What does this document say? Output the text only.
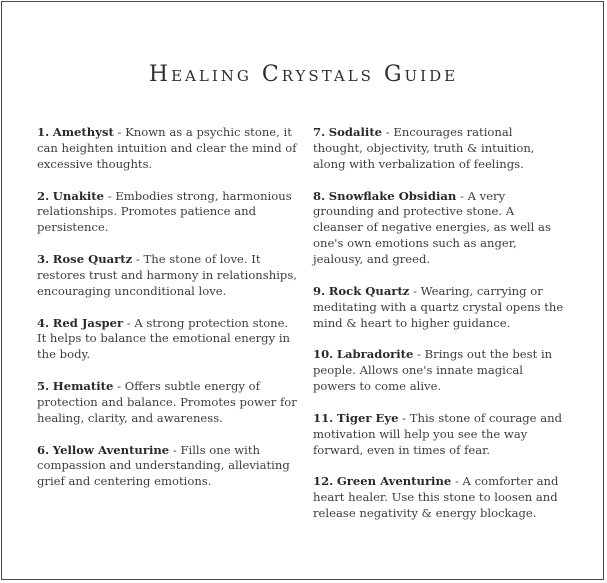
Healing Crystals Guide

1. Amethyst - Known as a psychic stone, it can heighten intuition and clear the mind of excessive thoughts.

2. Unakite - Embodies strong, harmonious relationships. Promotes patience and persistence.

3. Rose Quartz - The stone of love. It restores trust and harmony in relationships, encouraging unconditional love.

4. Red Jasper - A strong protection stone. It helps to balance the emotional energy in the body.

5. Hematite - Offers subtle energy of protection and balance. Promotes power for healing, clarity, and awareness.

6. Yellow Aventurine - Fills one with compassion and understanding, alleviating grief and centering emotions.

7. Sodalite - Encourages rational thought, objectivity, truth & intuition, along with verbalization of feelings.

8. Snowflake Obsidian - A very grounding and protective stone. A cleanser of negative energies, as well as one's own emotions such as anger, jealousy, and greed.

9. Rock Quartz - Wearing, carrying or meditating with a quartz crystal opens the mind & heart to higher guidance.

10. Labradorite - Brings out the best in people. Allows one's innate magical powers to come alive.

11. Tiger Eye - This stone of courage and motivation will help you see the way forward, even in times of fear.

12. Green Aventurine - A comforter and heart healer. Use this stone to loosen and release negativity & energy blockage.
